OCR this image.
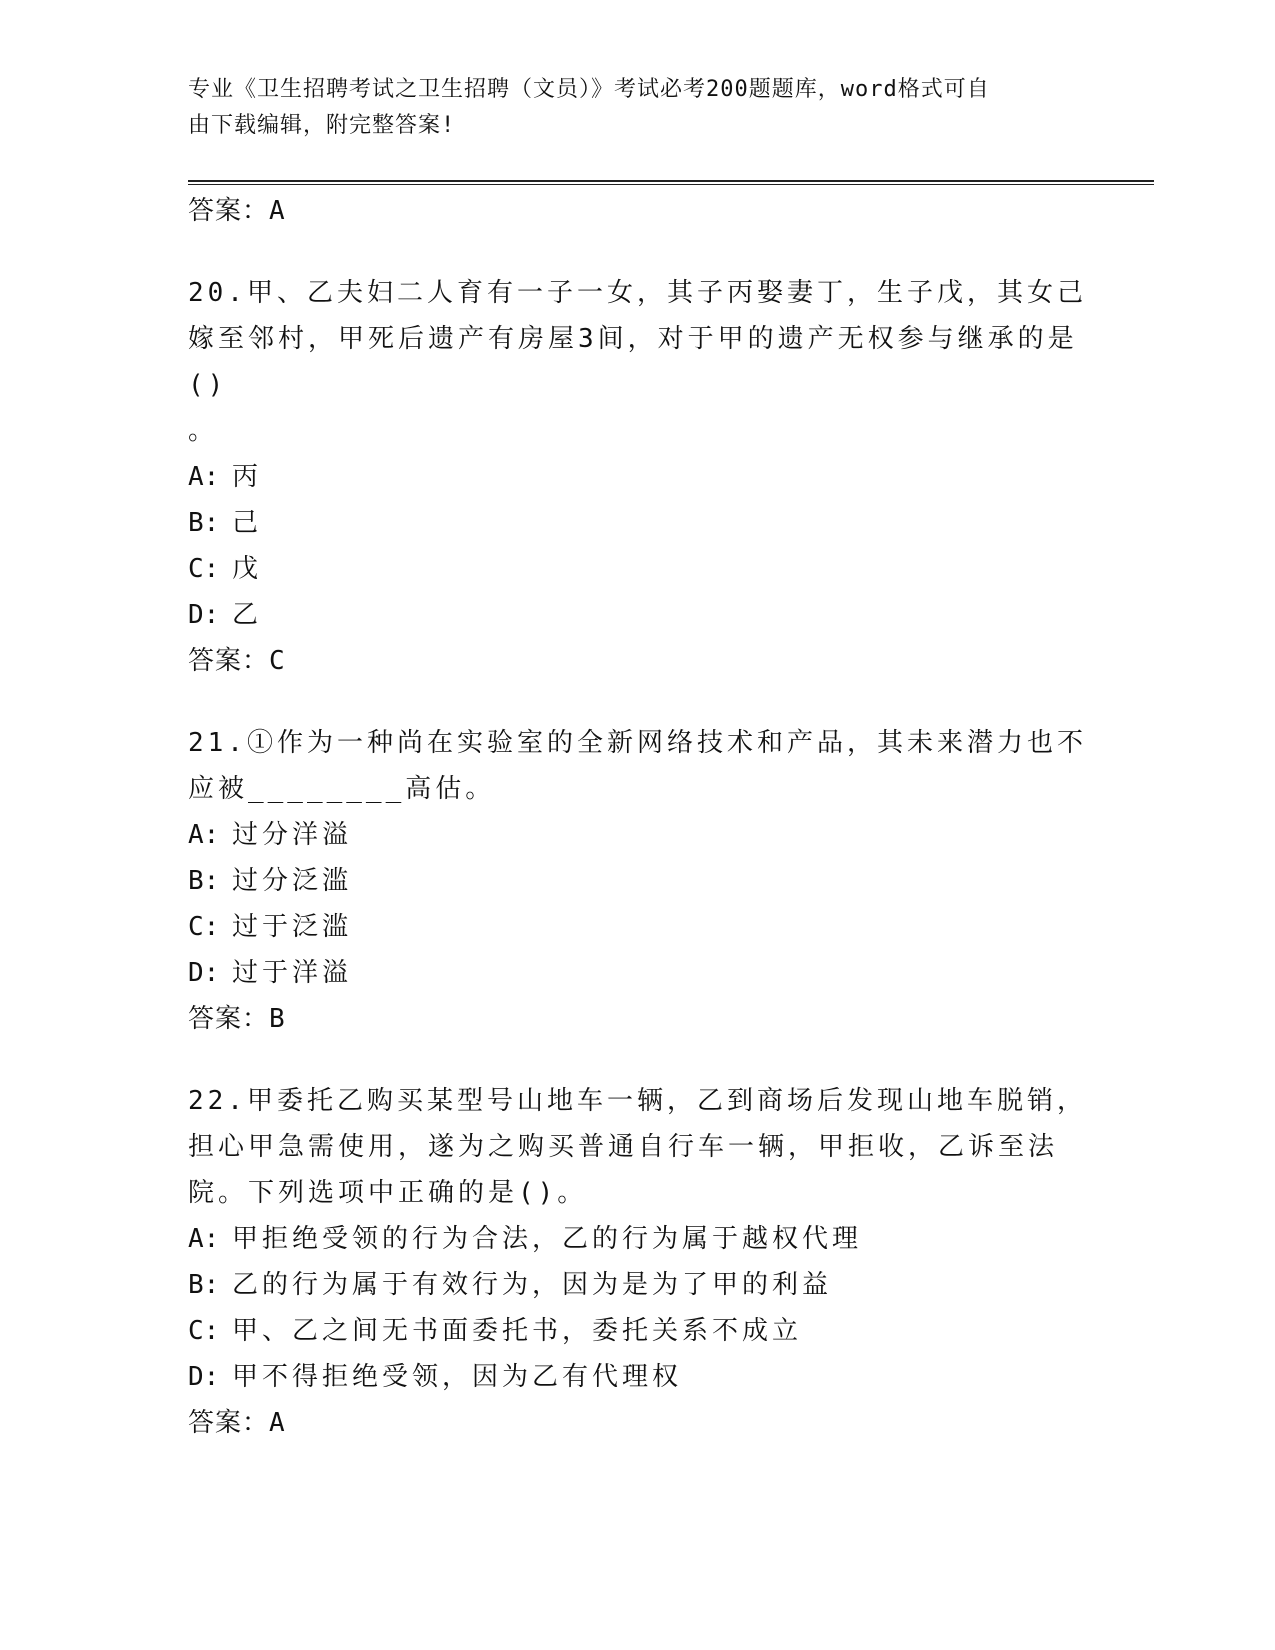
专业《卫生招聘考试之卫生招聘（文员）》考试必考200题题库，word格式可自
由下载编辑，附完整答案!
答案：A
20.甲、乙夫妇二人育有一子一女，其子丙娶妻丁，生子戊，其女己嫁至邻村，甲死后遗产有房屋3间，对于甲的遗产无权参与继承的是()
。
A: 丙
B: 己
C: 戊
D: 乙
答案：C
21.①作为一种尚在实验室的全新网络技术和产品，其未来潜力也不应被________高估。
A: 过分洋溢
B: 过分泛滥
C: 过于泛滥
D: 过于洋溢
答案：B
22.甲委托乙购买某型号山地车一辆，乙到商场后发现山地车脱销，担心甲急需使用，遂为之购买普通自行车一辆，甲拒收，乙诉至法院。下列选项中正确的是()。
A: 甲拒绝受领的行为合法，乙的行为属于越权代理
B: 乙的行为属于有效行为，因为是为了甲的利益
C: 甲、乙之间无书面委托书，委托关系不成立
D: 甲不得拒绝受领，因为乙有代理权
答案：A
